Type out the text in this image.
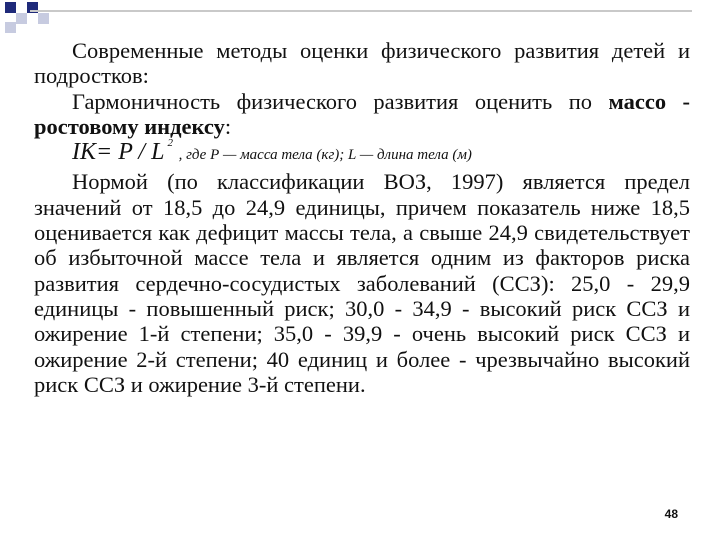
Современные методы оценки физического развития детей и подростков:

Гармоничность физического развития оценить по массо - ростовому индексу:

IK= P / L $^2$ , где Р — масса тела (кг); L — длина тела (м)

Нормой (по классификации ВОЗ, 1997) является предел значений от 18,5 до 24,9 единицы, причем показатель ниже 18,5 оценивается как дефицит массы тела, а свыше 24,9 свидетельствует об избыточной массе тела и является одним из факторов риска развития сердечно-сосудистых заболеваний (ССЗ): 25,0 - 29,9 единицы - повышенный риск; 30,0 - 34,9 - высокий риск ССЗ и ожирение 1-й степени; 35,0 - 39,9 - очень высокий риск ССЗ и ожирение 2-й степени; 40 единиц и более - чрезвычайно высокий риск ССЗ и ожирение 3-й степени.

48
